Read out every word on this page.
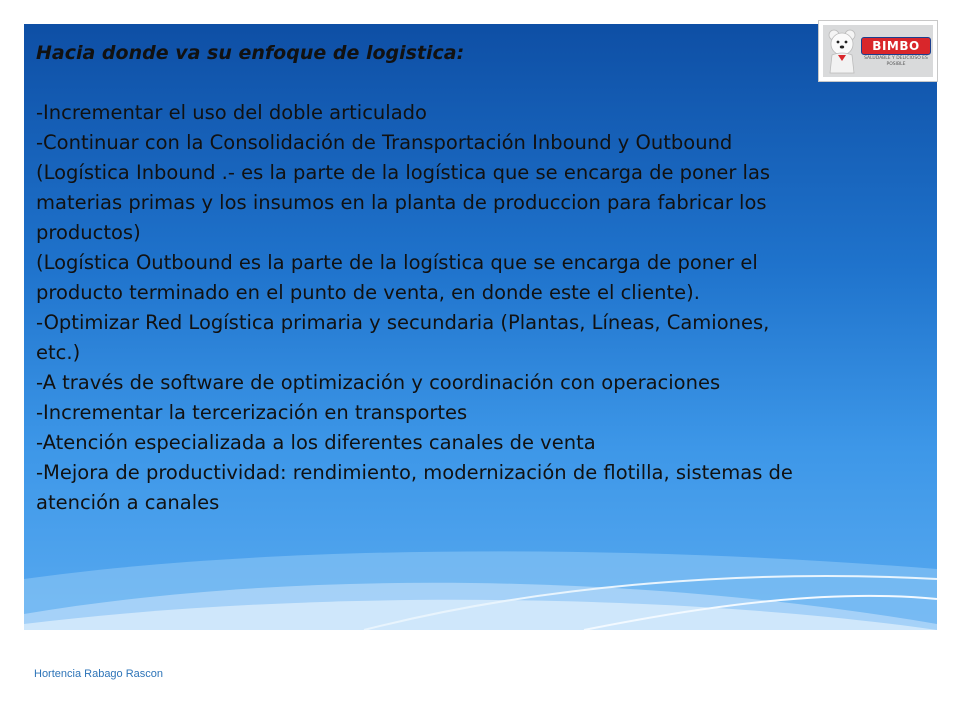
Hacia donde va su enfoque de logistica:

-Incrementar el uso del doble articulado

-Continuar con la Consolidación de Transportación Inbound y Outbound

(Logística Inbound .- es la parte de la logística que se encarga de poner las

materias primas y los insumos en la planta de produccion para fabricar los

productos)

(Logística Outbound es la parte de la logística que se encarga de poner el

producto terminado en el punto de venta, en donde este el cliente).

-Optimizar Red Logística primaria y secundaria (Plantas, Líneas, Camiones,

etc.)

-A través de software de optimización y coordinación con operaciones

-Incrementar la tercerización en transportes

-Atención especializada a los diferentes canales de venta

-Mejora de productividad: rendimiento, modernización de flotilla, sistemas de

atención a canales

BIMBO
SALUDABLE Y DELICIOSO ES POSIBLE
Hortencia Rabago Rascon
